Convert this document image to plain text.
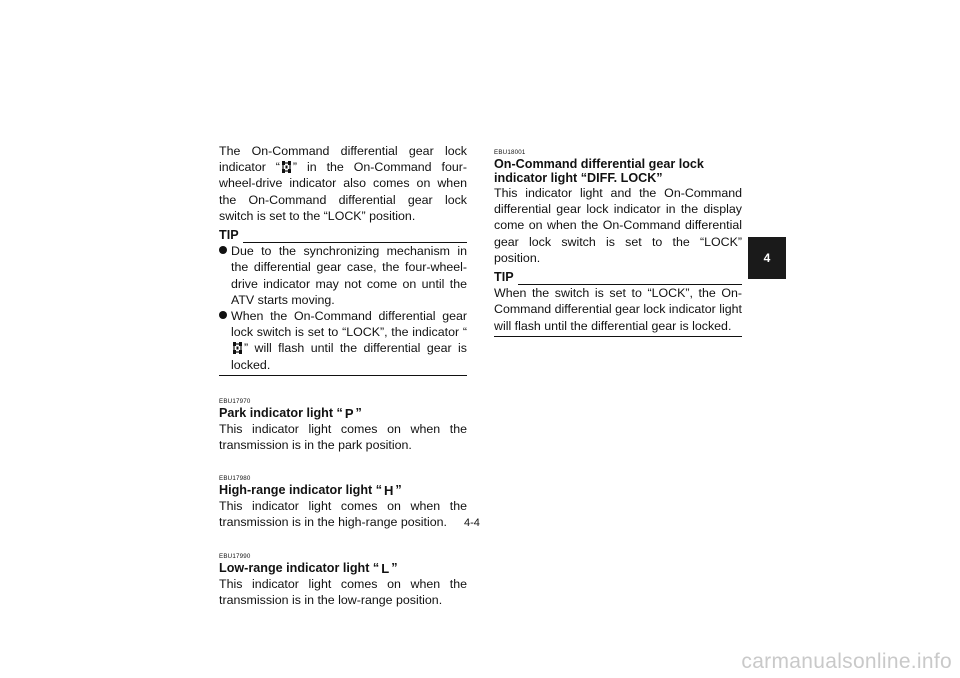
The On-Command differential gear lock indicator “ ” in the On-Command four-wheel-drive indicator also comes on when the On-Command differential gear lock switch is set to the “LOCK” position.

TIP

Due to the synchronizing mechanism in the differential gear case, the four-wheel-drive indicator may not come on until the ATV starts moving.

When the On-Command differential gear lock switch is set to “LOCK”, the indicator “” will flash until the differential gear is locked.

EBU17970

Park indicator light “ P ”

This indicator light comes on when the transmission is in the park position.

EBU17980

High-range indicator light “ H ”

This indicator light comes on when the transmission is in the high-range position.

EBU17990

Low-range indicator light “ L ”

This indicator light comes on when the transmission is in the low-range position.

EBU18001

On-Command differential gear lock indicator light “DIFF. LOCK”

This indicator light and the On-Command differential gear lock indicator in the display come on when the On-Command differential gear lock switch is set to the “LOCK” position.

TIP

When the switch is set to “LOCK”, the On-Command differential gear lock indicator light will flash until the differential gear is locked.

4
4-4
carmanualsonline.info
